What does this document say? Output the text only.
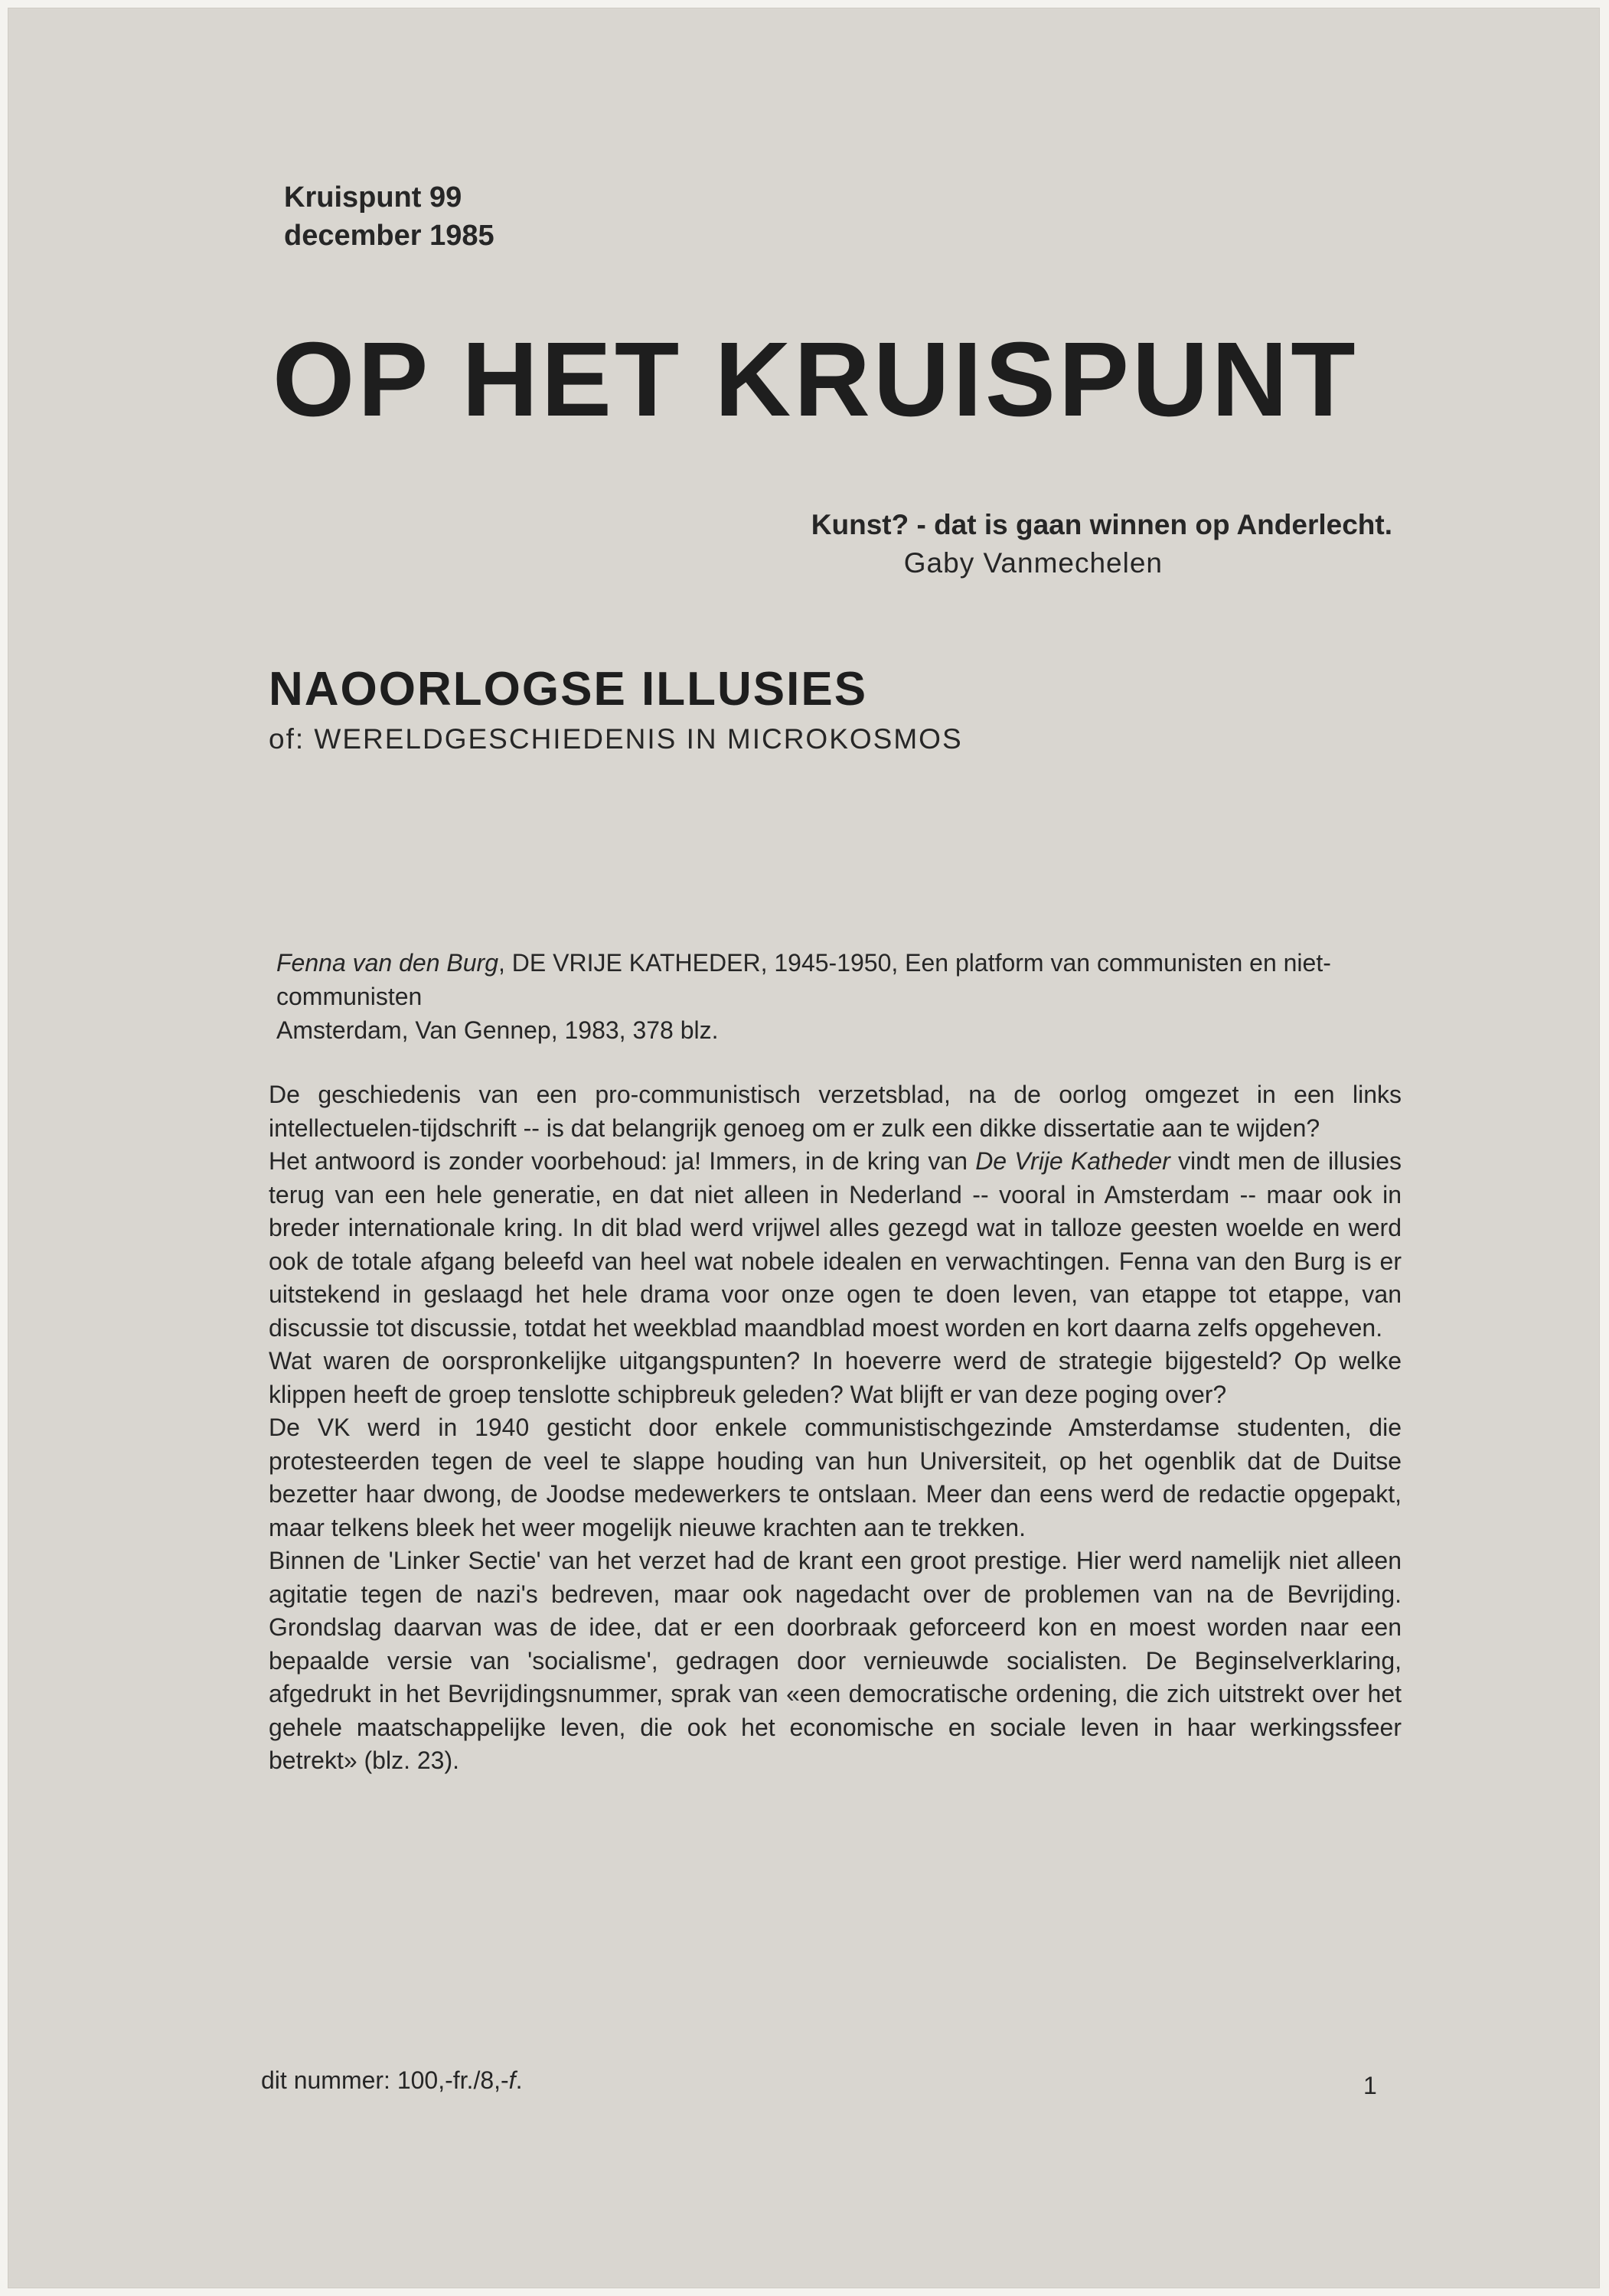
Kruispunt 99
december 1985
OP HET KRUISPUNT
Kunst? - dat is gaan winnen op Anderlecht.
Gaby Vanmechelen
NAOORLOGSE ILLUSIES
of: WERELDGESCHIEDENIS IN MICROKOSMOS

Fenna van den Burg, DE VRIJE KATHEDER, 1945-1950, Een platform van communisten en niet-communisten

Amsterdam, Van Gennep, 1983, 378 blz.

De geschiedenis van een pro-communistisch verzetsblad, na de oorlog omgezet in een links intellectuelen-tijdschrift -- is dat belangrijk genoeg om er zulk een dikke dissertatie aan te wijden?

Het antwoord is zonder voorbehoud: ja! Immers, in de kring van De Vrije Katheder vindt men de illusies terug van een hele generatie, en dat niet alleen in Nederland -- vooral in Amsterdam -- maar ook in breder internationale kring. In dit blad werd vrijwel alles gezegd wat in talloze geesten woelde en werd ook de totale afgang beleefd van heel wat nobele idealen en verwachtingen. Fenna van den Burg is er uitstekend in geslaagd het hele drama voor onze ogen te doen leven, van etappe tot etappe, van discussie tot discussie, totdat het weekblad maandblad moest worden en kort daarna zelfs opgeheven.

Wat waren de oorspronkelijke uitgangspunten? In hoeverre werd de strategie bijgesteld? Op welke klippen heeft de groep tenslotte schipbreuk geleden? Wat blijft er van deze poging over?

De VK werd in 1940 gesticht door enkele communistischgezinde Amsterdamse studenten, die protesteerden tegen de veel te slappe houding van hun Universiteit, op het ogenblik dat de Duitse bezetter haar dwong, de Joodse medewerkers te ontslaan. Meer dan eens werd de redactie opgepakt, maar telkens bleek het weer mogelijk nieuwe krachten aan te trekken.

Binnen de 'Linker Sectie' van het verzet had de krant een groot prestige. Hier werd namelijk niet alleen agitatie tegen de nazi's bedreven, maar ook nagedacht over de problemen van na de Bevrijding. Grondslag daarvan was de idee, dat er een doorbraak geforceerd kon en moest worden naar een bepaalde versie van 'socialisme', gedragen door vernieuwde socialisten. De Beginselverklaring, afgedrukt in het Bevrijdingsnummer, sprak van «een democratische ordening, die zich uitstrekt over het gehele maatschappelijke leven, die ook het economische en sociale leven in haar werkingssfeer betrekt» (blz. 23).

dit nummer: 100,-fr./8,-f.	1
